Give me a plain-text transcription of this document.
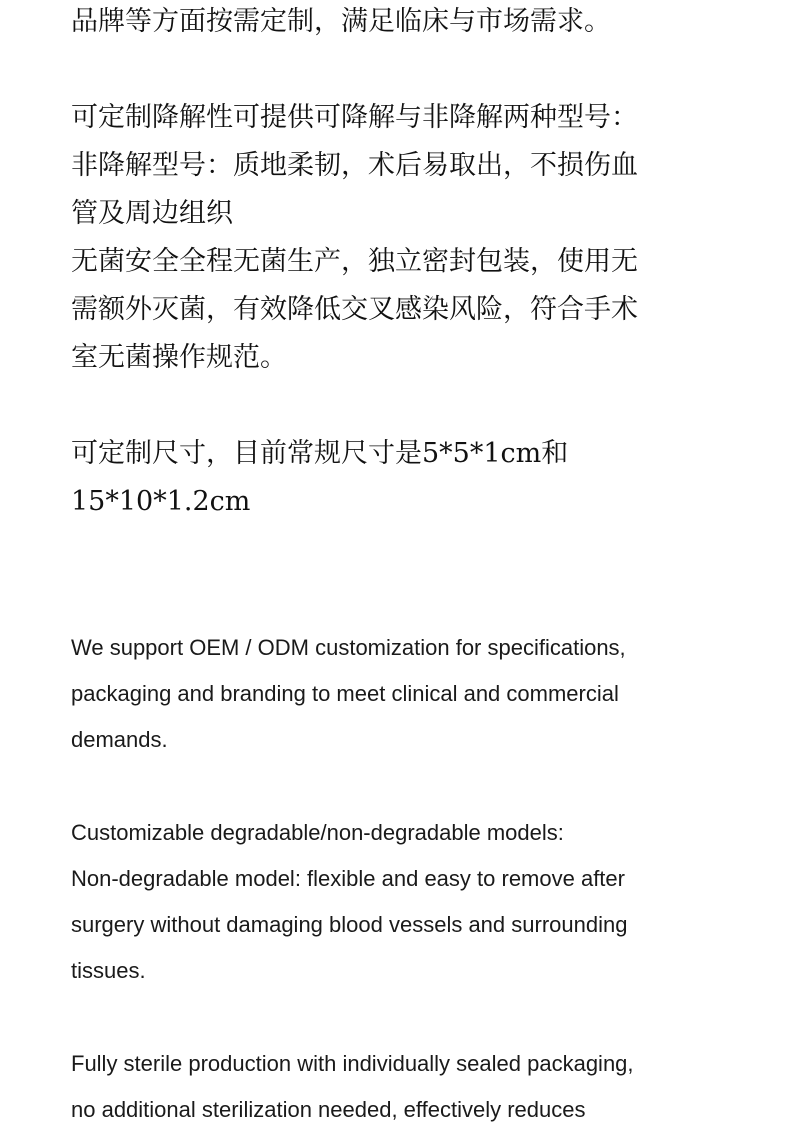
品牌等方面按需定制，满足临床与市场需求。

可定制降解性可提供可降解与非降解两种型号：
非降解型号：质地柔韧，术后易取出，不损伤血
管及周边组织

无菌安全全程无菌生产，独立密封包装，使用无
需额外灭菌，有效降低交叉感染风险，符合手术
室无菌操作规范。

可定制尺寸，目前常规尺寸是5*5*1cm和
15*10*1.2cm

We support OEM / ODM customization for specifications,
packaging and branding to meet clinical and commercial
demands.

Customizable degradable/non-degradable models:
Non-degradable model: flexible and easy to remove after
surgery without damaging blood vessels and surrounding
tissues.

Fully sterile production with individually sealed packaging,
no additional sterilization needed, effectively reduces
